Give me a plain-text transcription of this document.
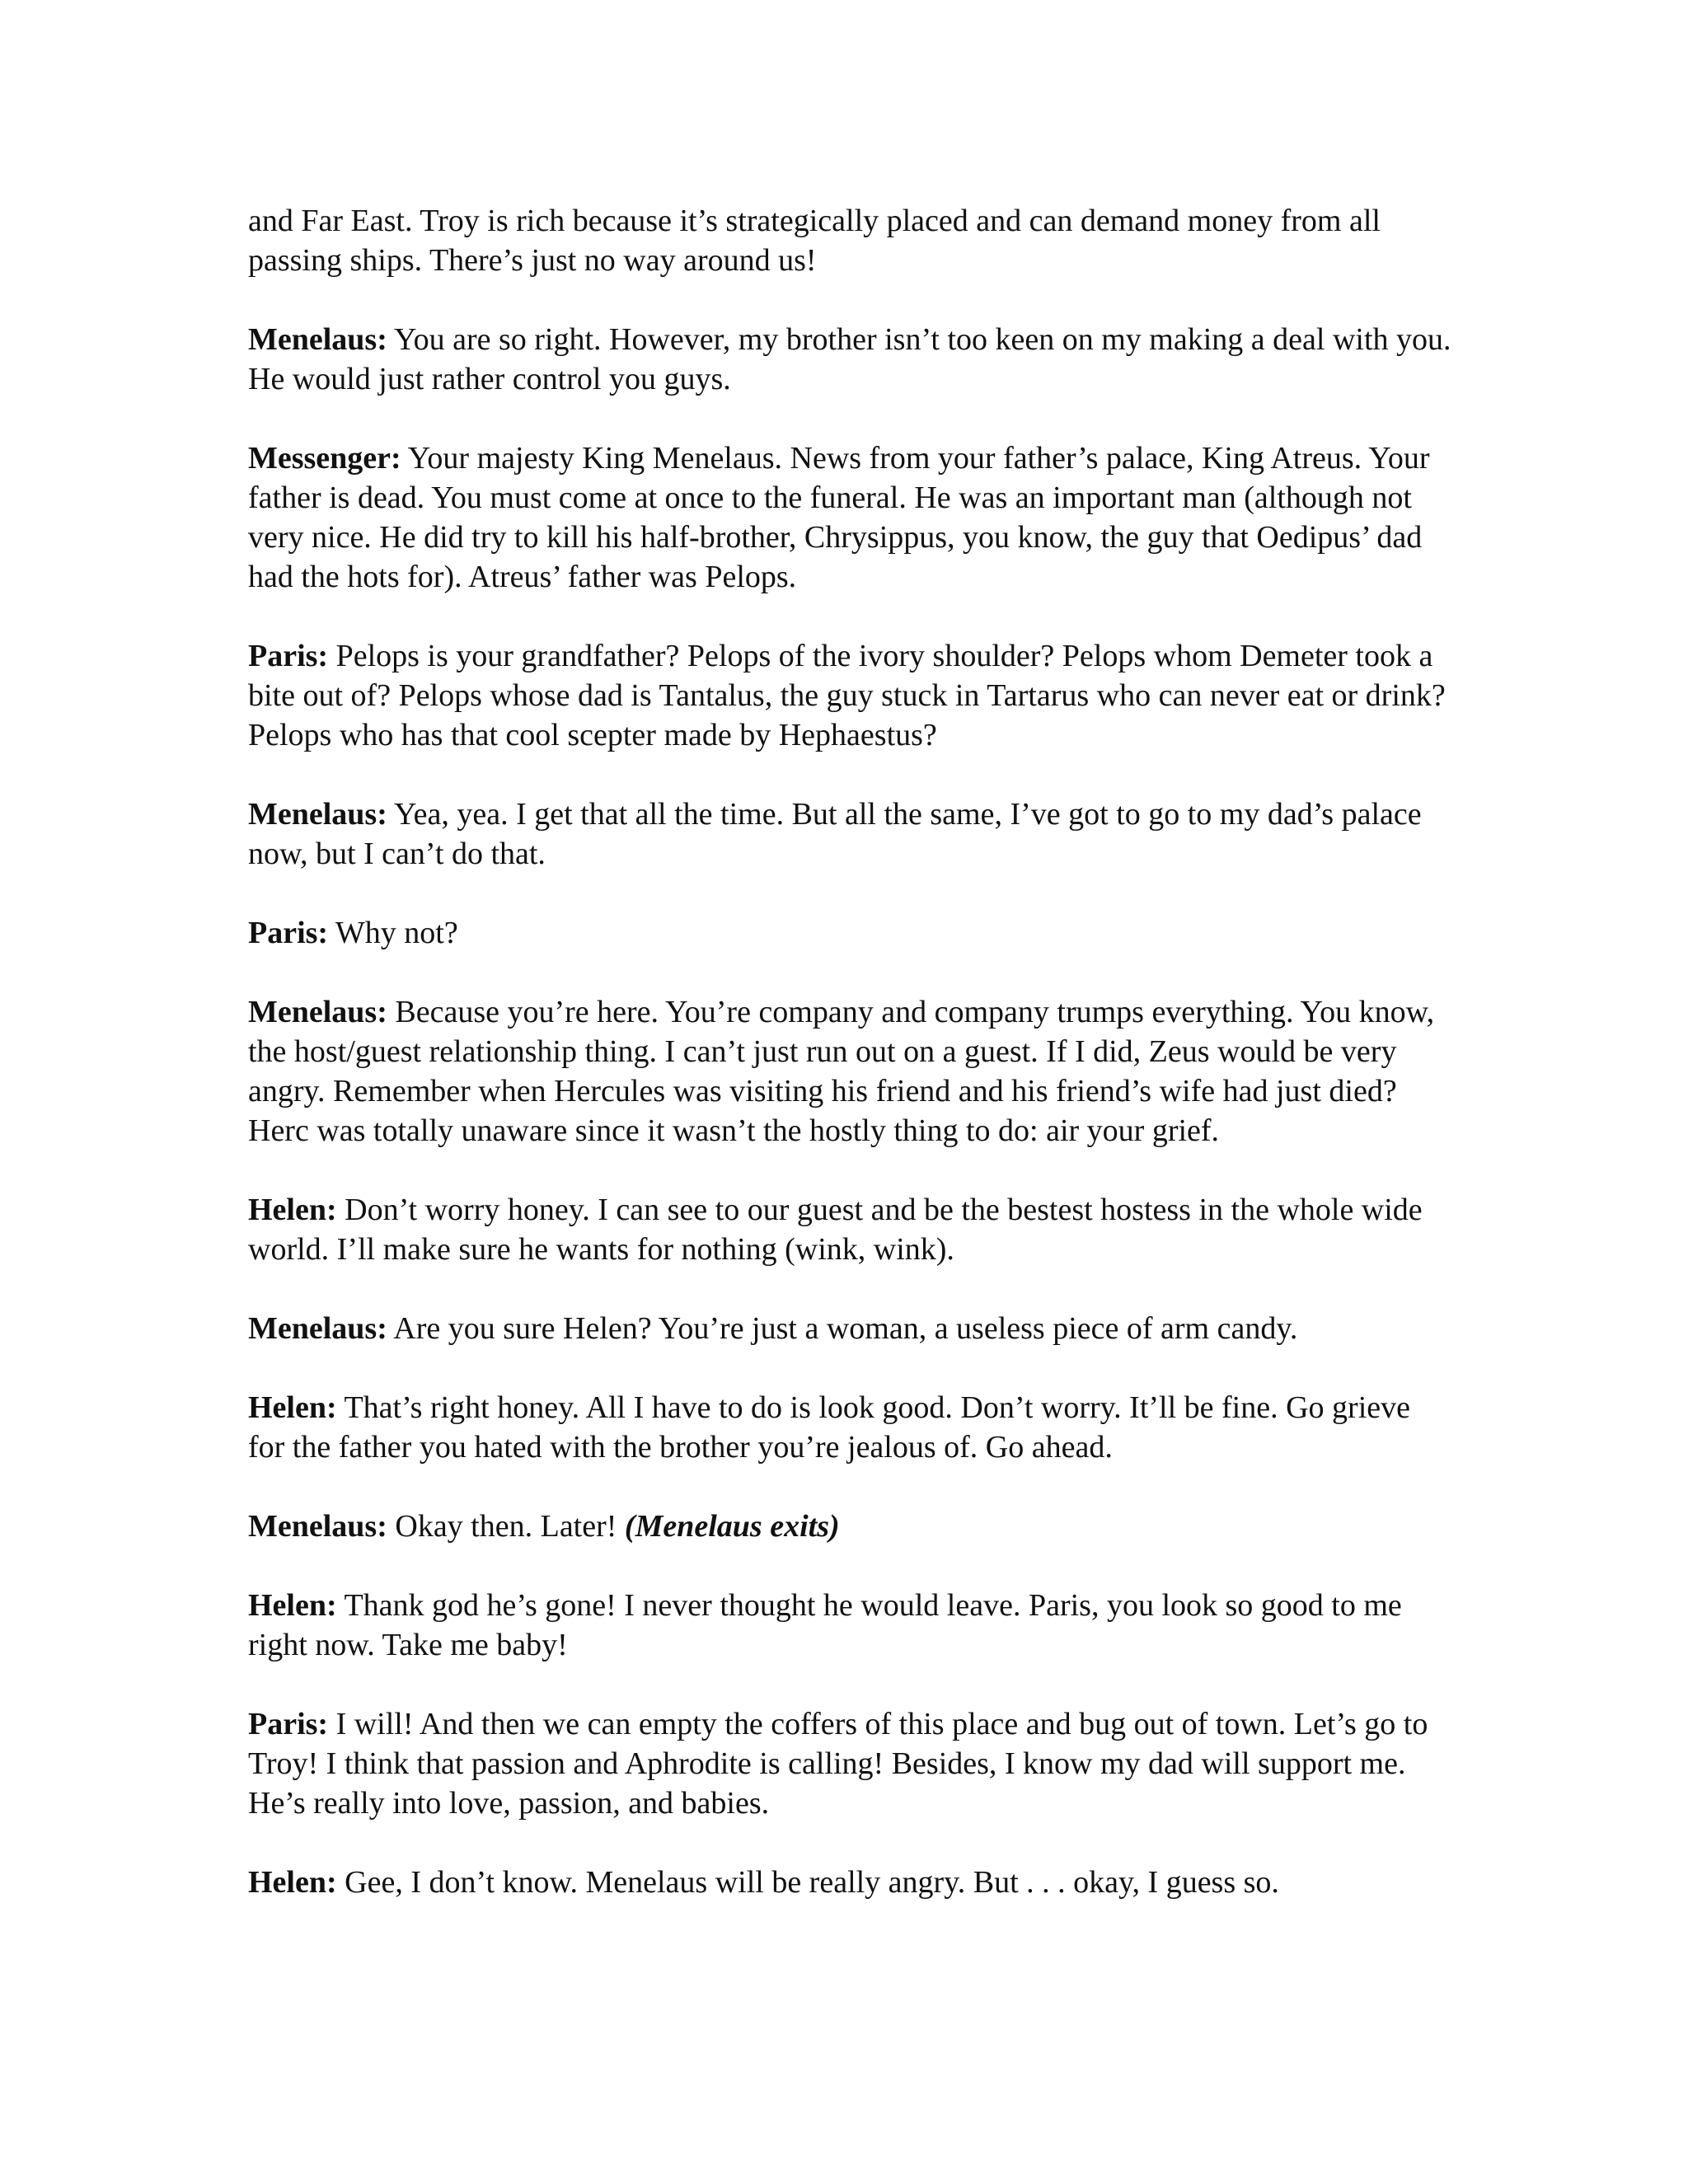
and Far East. Troy is rich because it’s strategically placed and can demand money from all passing ships. There’s just no way around us!

Menelaus: You are so right. However, my brother isn’t too keen on my making a deal with you. He would just rather control you guys.

Messenger: Your majesty King Menelaus. News from your father’s palace, King Atreus. Your father is dead. You must come at once to the funeral. He was an important man (although not very nice. He did try to kill his half-brother, Chrysippus, you know, the guy that Oedipus’ dad had the hots for). Atreus’ father was Pelops.

Paris: Pelops is your grandfather? Pelops of the ivory shoulder? Pelops whom Demeter took a bite out of? Pelops whose dad is Tantalus, the guy stuck in Tartarus who can never eat or drink? Pelops who has that cool scepter made by Hephaestus?

Menelaus: Yea, yea. I get that all the time. But all the same, I’ve got to go to my dad’s palace now, but I can’t do that.

Paris: Why not?

Menelaus: Because you’re here. You’re company and company trumps everything. You know, the host/guest relationship thing. I can’t just run out on a guest. If I did, Zeus would be very angry. Remember when Hercules was visiting his friend and his friend’s wife had just died? Herc was totally unaware since it wasn’t the hostly thing to do: air your grief.

Helen: Don’t worry honey. I can see to our guest and be the bestest hostess in the whole wide world. I’ll make sure he wants for nothing (wink, wink).

Menelaus: Are you sure Helen? You’re just a woman, a useless piece of arm candy.

Helen: That’s right honey. All I have to do is look good. Don’t worry. It’ll be fine. Go grieve for the father you hated with the brother you’re jealous of. Go ahead.

Menelaus: Okay then. Later! (Menelaus exits)

Helen: Thank god he’s gone! I never thought he would leave. Paris, you look so good to me right now. Take me baby!

Paris: I will! And then we can empty the coffers of this place and bug out of town. Let’s go to Troy! I think that passion and Aphrodite is calling! Besides, I know my dad will support me. He’s really into love, passion, and babies.

Helen: Gee, I don’t know. Menelaus will be really angry. But . . . okay, I guess so.
